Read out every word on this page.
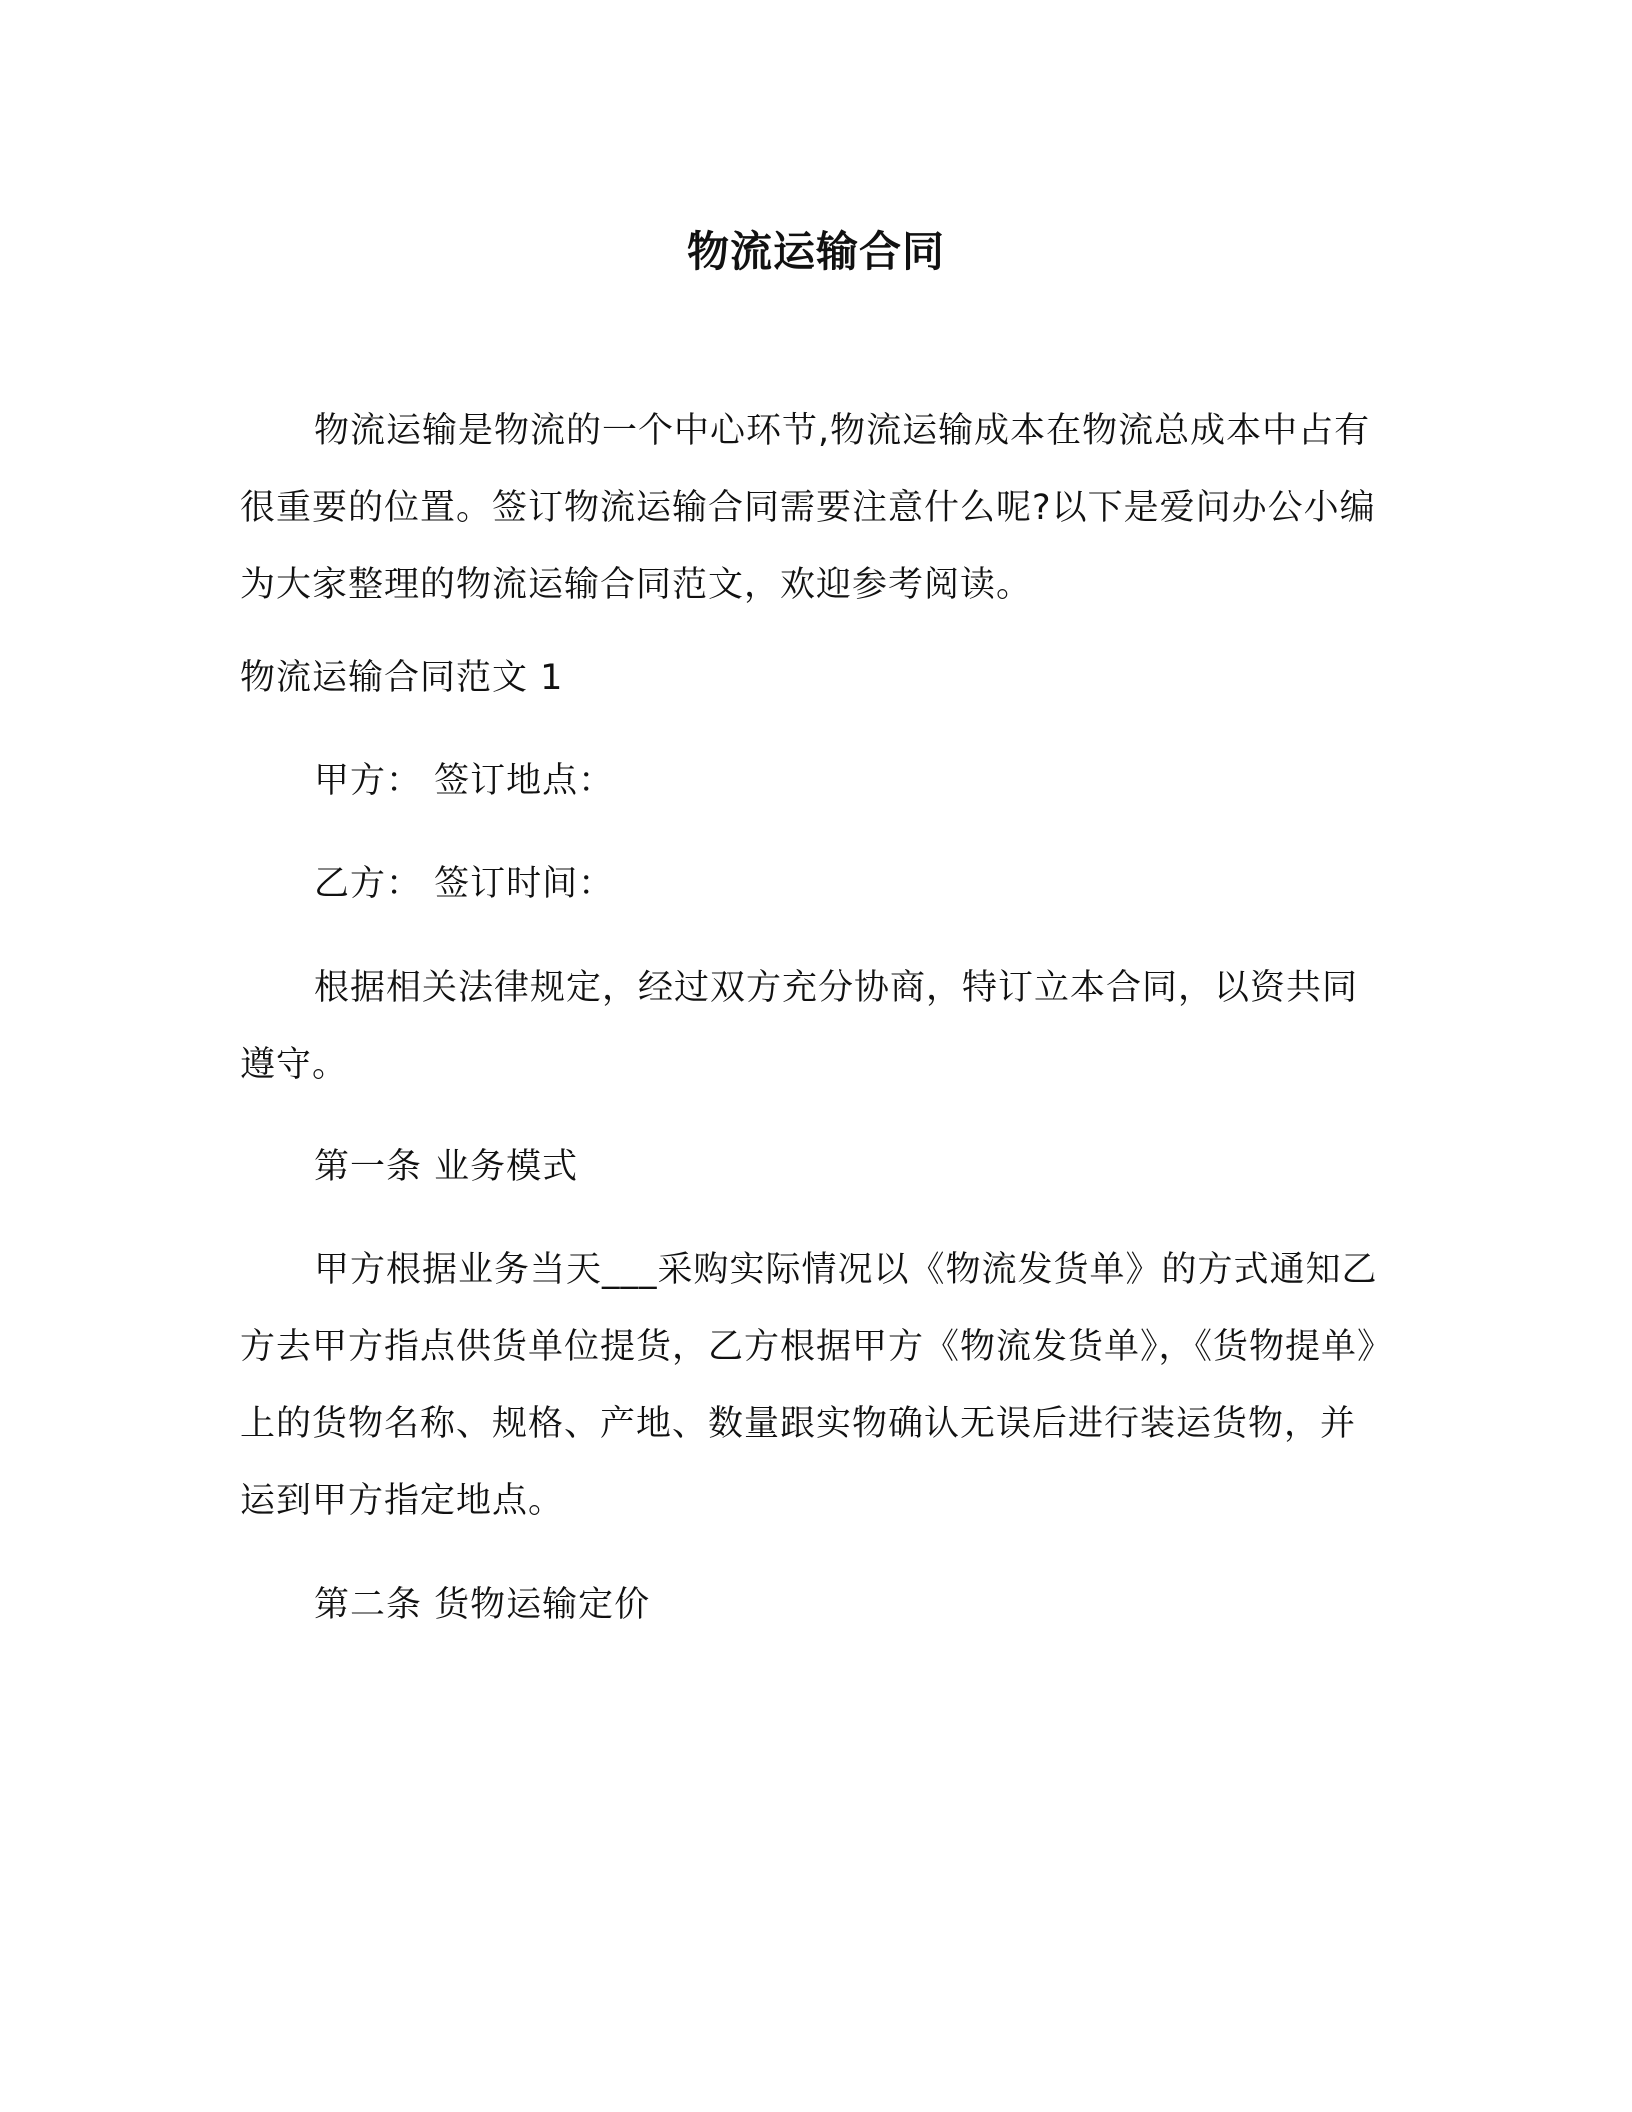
物流运输合同

物流运输是物流的一个中心环节,物流运输成本在物流总成本中占有很重要的位置。签订物流运输合同需要注意什么呢?以下是爱问办公小编为大家整理的物流运输合同范文，欢迎参考阅读。

物流运输合同范文 1

甲方： 签订地点：

乙方： 签订时间：

根据相关法律规定，经过双方充分协商，特订立本合同，以资共同遵守。

第一条 业务模式

甲方根据业务当天___采购实际情况以《物流发货单》的方式通知乙方去甲方指点供货单位提货，乙方根据甲方《物流发货单》，《货物提单》上的货物名称、规格、产地、数量跟实物确认无误后进行装运货物，并运到甲方指定地点。

第二条 货物运输定价
